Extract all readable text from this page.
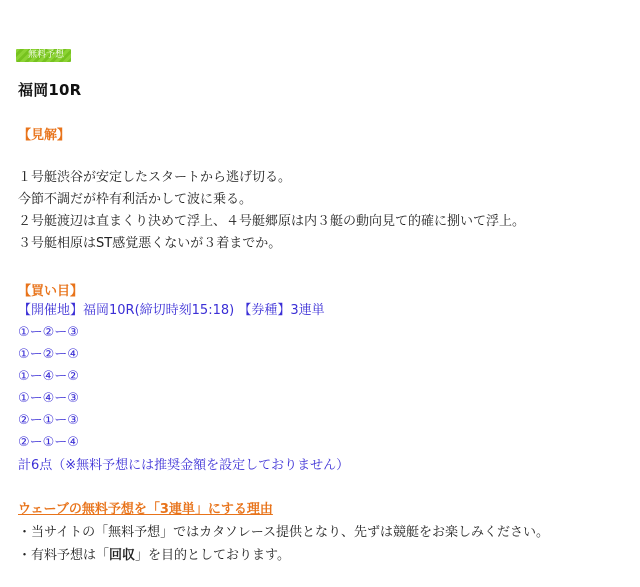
無料予想
福岡10R
【見解】
１号艇渋谷が安定したスタートから逃げ切る。
今節不調だが枠有利活かして波に乗る。
２号艇渡辺は直まくり決めて浮上、４号艇郷原は内３艇の動向見て的確に捌いて浮上。
３号艇相原はST感覚悪くないが３着までか。
【買い目】
【開催地】福岡10R(締切時刻15:18) 【券種】3連単
①ー②ー③
①ー②ー④
①ー④ー②
①ー④ー③
②ー①ー③
②ー①ー④
計6点（※無料予想には推奨金額を設定しておりません）
ウェーブの無料予想を「3連単」にする理由
・当サイトの「無料予想」ではカタソレース提供となり、先ずは競艇をお楽しみください。
・有料予想は「回収」を目的としております。
